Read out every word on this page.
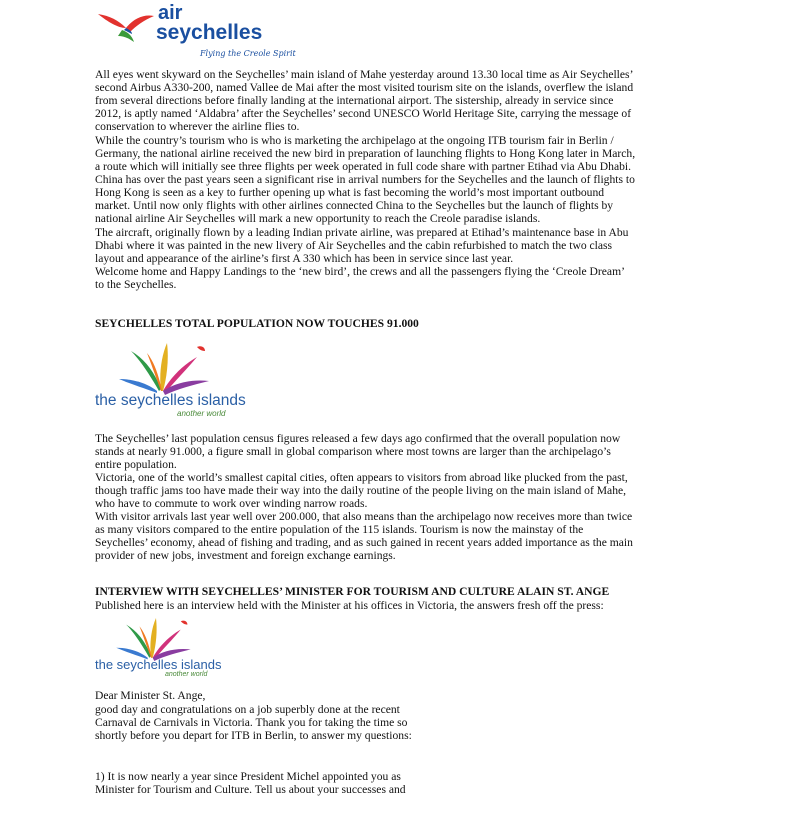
air
seychelles
Flying the Creole Spirit

All eyes went skyward on the Seychelles’ main island of Mahe yesterday around 13.30 local time as Air Seychelles’
second Airbus A330-200, named Vallee de Mai after the most visited tourism site on the islands, overflew the island
from several directions before finally landing at the international airport. The sistership, already in service since
2012, is aptly named ‘Aldabra’ after the Seychelles’ second UNESCO World Heritage Site, carrying the message of
conservation to wherever the airline flies to.

While the country’s tourism who is who is marketing the archipelago at the ongoing ITB tourism fair in Berlin /
Germany, the national airline received the new bird in preparation of launching flights to Hong Kong later in March,
a route which will initially see three flights per week operated in full code share with partner Etihad via Abu Dhabi.

China has over the past years seen a significant rise in arrival numbers for the Seychelles and the launch of flights to
Hong Kong is seen as a key to further opening up what is fast becoming the world’s most important outbound
market. Until now only flights with other airlines connected China to the Seychelles but the launch of flights by
national airline Air Seychelles will mark a new opportunity to reach the Creole paradise islands.

The aircraft, originally flown by a leading Indian private airline, was prepared at Etihad’s maintenance base in Abu
Dhabi where it was painted in the new livery of Air Seychelles and the cabin refurbished to match the two class
layout and appearance of the airline’s first A 330 which has been in service since last year.

Welcome home and Happy Landings to the ‘new bird’, the crews and all the passengers flying the ‘Creole Dream’
to the Seychelles.

SEYCHELLES TOTAL POPULATION NOW TOUCHES 91.000
the seychelles islands
another world

The Seychelles’ last population census figures released a few days ago confirmed that the overall population now
stands at nearly 91.000, a figure small in global comparison where most towns are larger than the archipelago’s
entire population.

Victoria, one of the world’s smallest capital cities, often appears to visitors from abroad like plucked from the past,
though traffic jams too have made their way into the daily routine of the people living on the main island of Mahe,
who have to commute to work over winding narrow roads.

With visitor arrivals last year well over 200.000, that also means than the archipelago now receives more than twice
as many visitors compared to the entire population of the 115 islands. Tourism is now the mainstay of the
Seychelles’ economy, ahead of fishing and trading, and as such gained in recent years added importance as the main
provider of new jobs, investment and foreign exchange earnings.

INTERVIEW WITH SEYCHELLES’ MINISTER FOR TOURISM AND CULTURE ALAIN ST. ANGE

Published here is an interview held with the Minister at his offices in Victoria, the answers fresh off the press:

the seychelles islands
another world

Dear Minister St. Ange,

good day and congratulations on a job superbly done at the recent
Carnaval de Carnivals in Victoria. Thank you for taking the time so
shortly before you depart for ITB in Berlin, to answer my questions:

1) It is now nearly a year since President Michel appointed you as
Minister for Tourism and Culture. Tell us about your successes and
